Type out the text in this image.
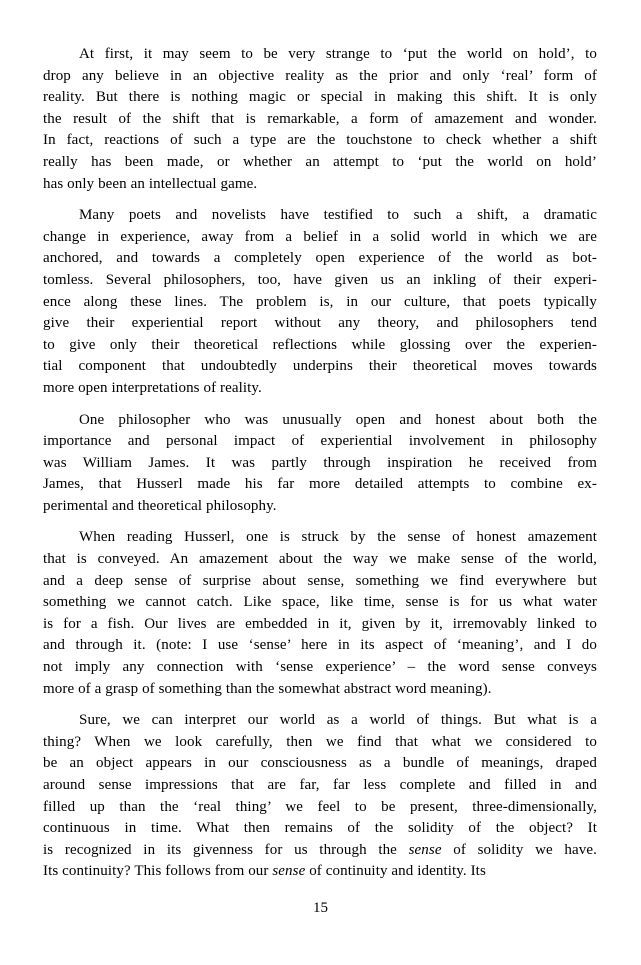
At first, it may seem to be very strange to ‘put the world on hold’, to
drop any believe in an objective reality as the prior and only ‘real’ form of
reality. But there is nothing magic or special in making this shift. It is only
the result of the shift that is remarkable, a form of amazement and wonder.
In fact, reactions of such a type are the touchstone to check whether a shift
really has been made, or whether an attempt to ‘put the world on hold’
has only been an intellectual game.
Many poets and novelists have testified to such a shift, a dramatic
change in experience, away from a belief in a solid world in which we are
anchored, and towards a completely open experience of the world as bot-
tomless. Several philosophers, too, have given us an inkling of their experi-
ence along these lines. The problem is, in our culture, that poets typically
give their experiential report without any theory, and philosophers tend
to give only their theoretical reflections while glossing over the experien-
tial component that undoubtedly underpins their theoretical moves towards
more open interpretations of reality.
One philosopher who was unusually open and honest about both the
importance and personal impact of experiential involvement in philosophy
was William James. It was partly through inspiration he received from
James, that Husserl made his far more detailed attempts to combine ex-
perimental and theoretical philosophy.
When reading Husserl, one is struck by the sense of honest amazement
that is conveyed. An amazement about the way we make sense of the world,
and a deep sense of surprise about sense, something we find everywhere but
something we cannot catch. Like space, like time, sense is for us what water
is for a fish. Our lives are embedded in it, given by it, irremovably linked to
and through it. (note: I use ‘sense’ here in its aspect of ‘meaning’, and I do
not imply any connection with ‘sense experience’ – the word sense conveys
more of a grasp of something than the somewhat abstract word meaning).
Sure, we can interpret our world as a world of things. But what is a
thing? When we look carefully, then we find that what we considered to
be an object appears in our consciousness as a bundle of meanings, draped
around sense impressions that are far, far less complete and filled in and
filled up than the ‘real thing’ we feel to be present, three-dimensionally,
continuous in time. What then remains of the solidity of the object? It
is recognized in its givenness for us through the sense of solidity we have.
Its continuity? This follows from our sense of continuity and identity. Its
15
